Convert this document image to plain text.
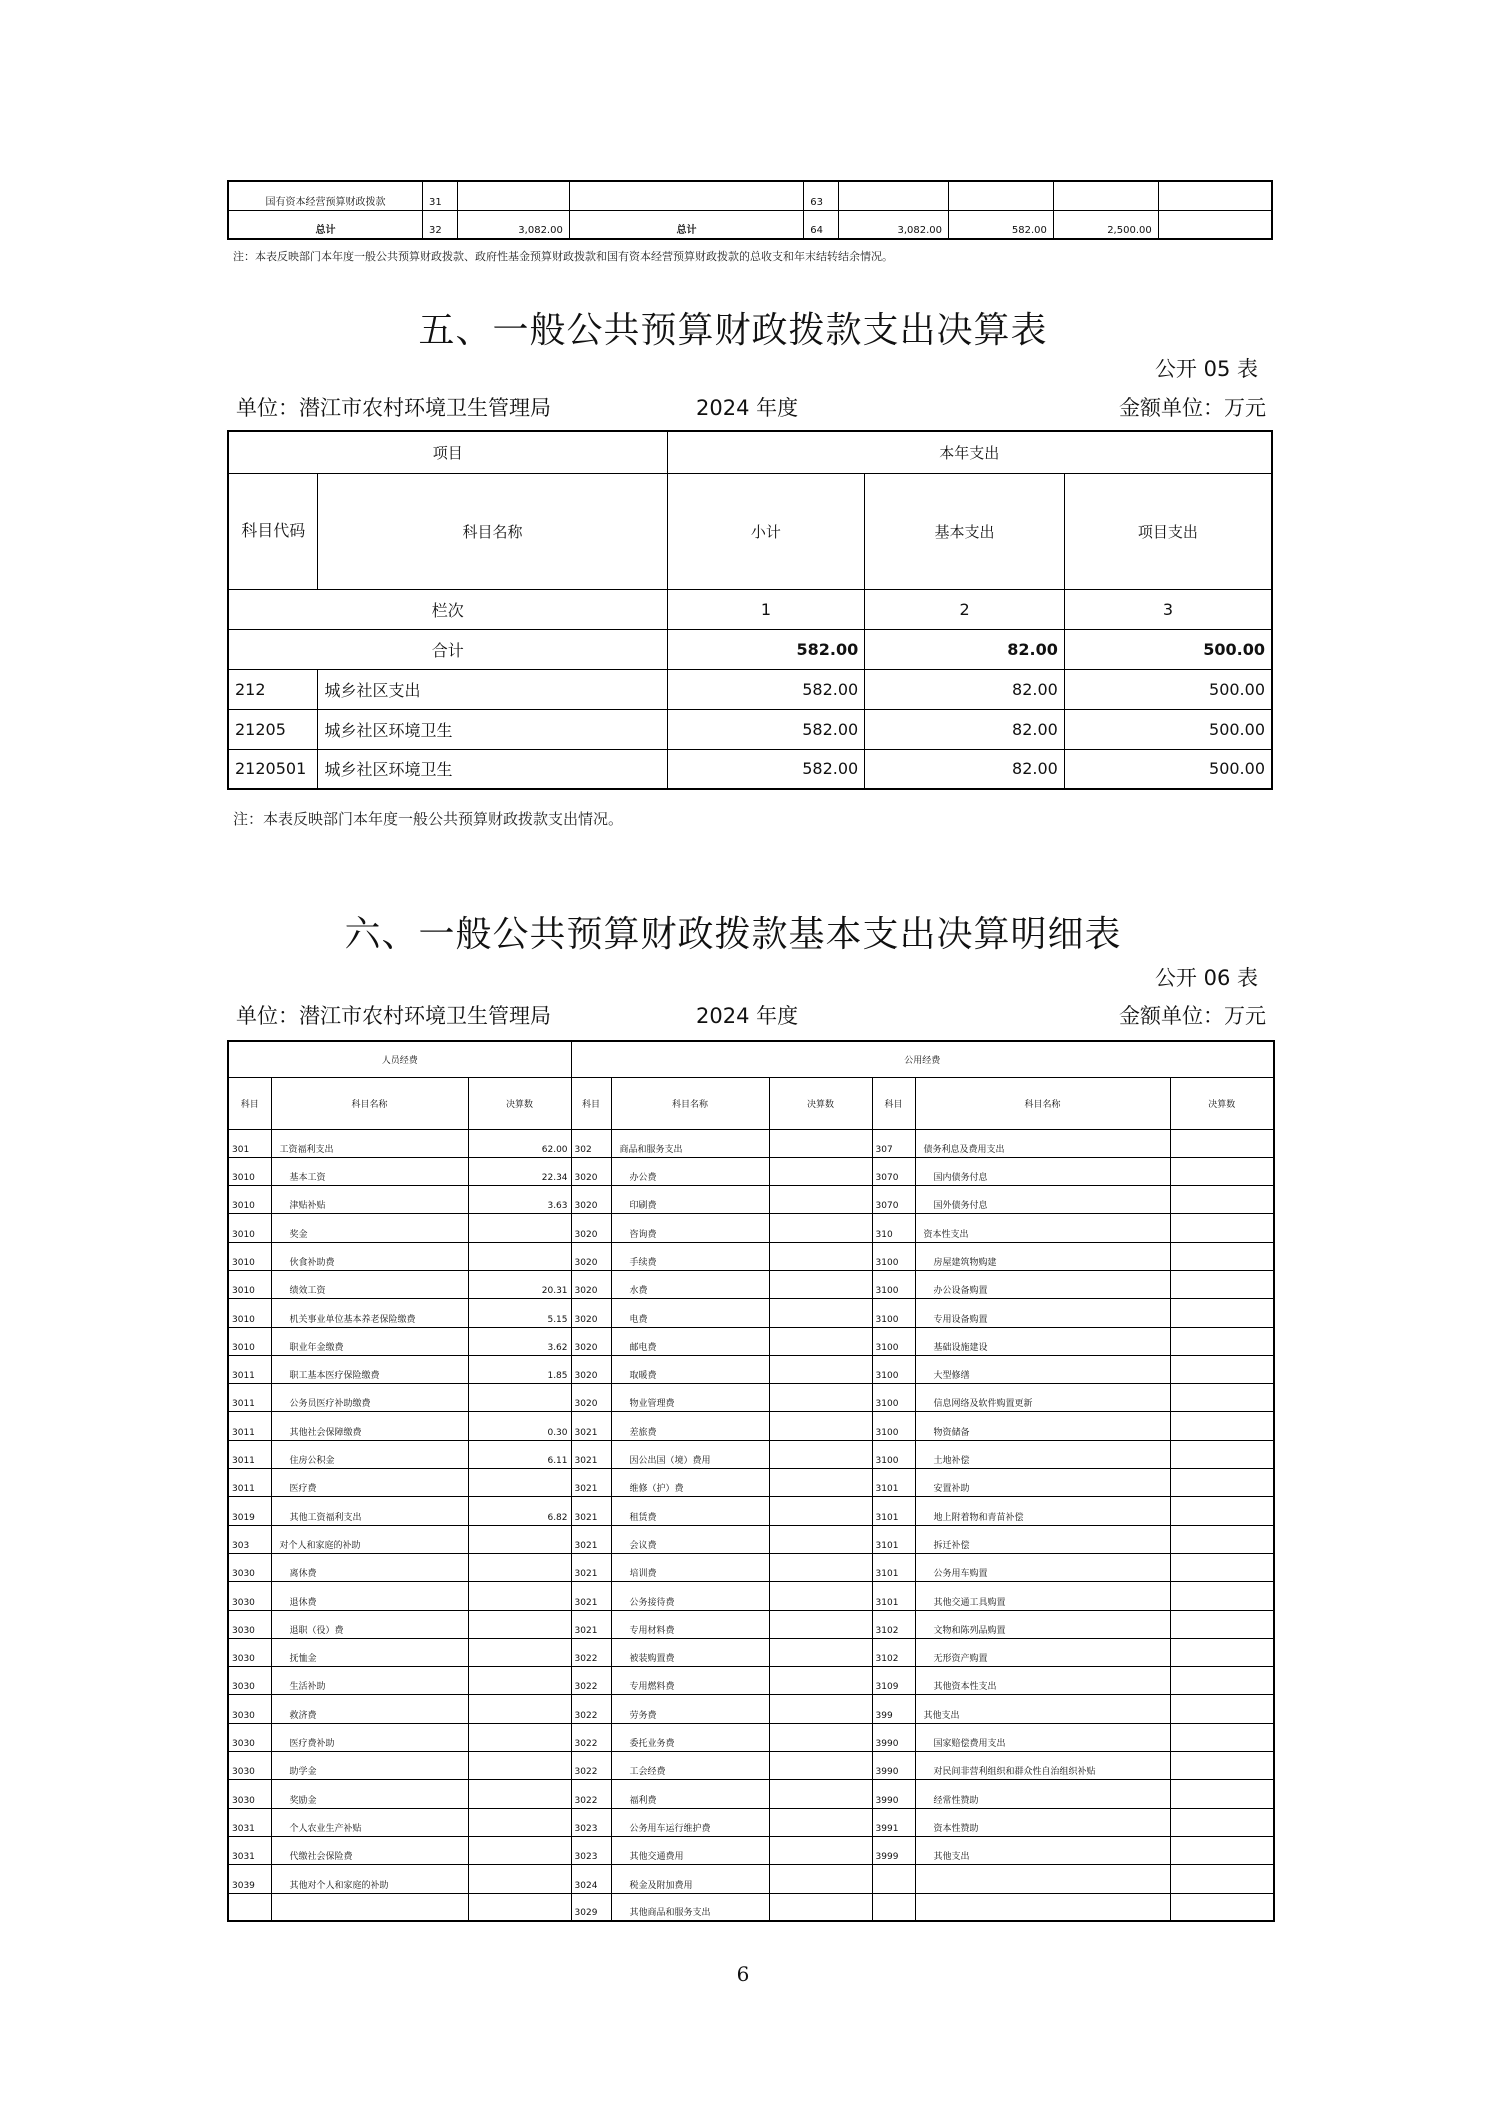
国有资本经营预算财政拨款	31			63				
总计	32	3,082.00	总计	64	3,082.00	582.00	2,500.00	
注：本表反映部门本年度一般公共预算财政拨款、政府性基金预算财政拨款和国有资本经营预算财政拨款的总收支和年末结转结余情况。
五、一般公共预算财政拨款支出决算表
公开 05 表
单位：潜江市农村环境卫生管理局	2024 年度	金额单位：万元
项目		本年支出		
科目代码	科目名称	小计	基本支出	项目支出
栏次		1	2	3
合计		582.00	82.00	500.00
212	城乡社区支出	582.00	82.00	500.00
21205	城乡社区环境卫生	582.00	82.00	500.00
2120501	城乡社区环境卫生	582.00	82.00	500.00
注：本表反映部门本年度一般公共预算财政拨款支出情况。
六、一般公共预算财政拨款基本支出决算明细表
公开 06 表
单位：潜江市农村环境卫生管理局	2024 年度	金额单位：万元
人员经费			公用经费					
科目	科目名称	决算数	科目	科目名称	决算数	科目	科目名称	决算数
301	工资福利支出	62.00	302	商品和服务支出		307	债务利息及费用支出	
3010	基本工资	22.34	3020	办公费		3070	国内债务付息	
3010	津贴补贴	3.63	3020	印刷费		3070	国外债务付息	
3010	奖金		3020	咨询费		310	资本性支出	
3010	伙食补助费		3020	手续费		3100	房屋建筑物购建	
3010	绩效工资	20.31	3020	水费		3100	办公设备购置	
3010	机关事业单位基本养老保险缴费	5.15	3020	电费		3100	专用设备购置	
3010	职业年金缴费	3.62	3020	邮电费		3100	基础设施建设	
3011	职工基本医疗保险缴费	1.85	3020	取暖费		3100	大型修缮	
3011	公务员医疗补助缴费		3020	物业管理费		3100	信息网络及软件购置更新	
3011	其他社会保障缴费	0.30	3021	差旅费		3100	物资储备	
3011	住房公积金	6.11	3021	因公出国（境）费用		3100	土地补偿	
3011	医疗费		3021	维修（护）费		3101	安置补助	
3019	其他工资福利支出	6.82	3021	租赁费		3101	地上附着物和青苗补偿	
303	对个人和家庭的补助		3021	会议费		3101	拆迁补偿	
3030	离休费		3021	培训费		3101	公务用车购置	
3030	退休费		3021	公务接待费		3101	其他交通工具购置	
3030	退职（役）费		3021	专用材料费		3102	文物和陈列品购置	
3030	抚恤金		3022	被装购置费		3102	无形资产购置	
3030	生活补助		3022	专用燃料费		3109	其他资本性支出	
3030	救济费		3022	劳务费		399	其他支出	
3030	医疗费补助		3022	委托业务费		3990	国家赔偿费用支出	
3030	助学金		3022	工会经费		3990	对民间非营利组织和群众性自治组织补贴	
3030	奖励金		3022	福利费		3990	经常性赞助	
3031	个人农业生产补贴		3023	公务用车运行维护费		3991	资本性赞助	
3031	代缴社会保险费		3023	其他交通费用		3999	其他支出	
3039	其他对个人和家庭的补助		3024	税金及附加费用				
			3029	其他商品和服务支出				
6
